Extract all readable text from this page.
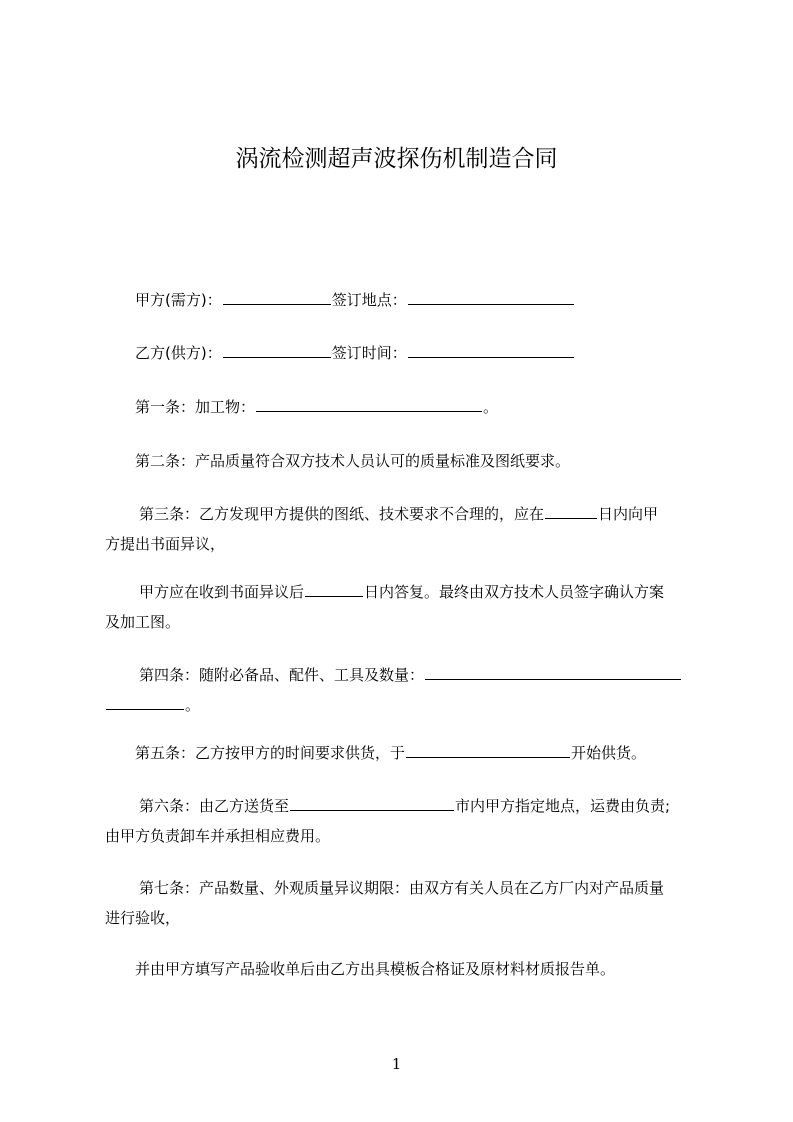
涡流检测超声波探伤机制造合同
甲方(需方)：	签订地点：
乙方(供方)：	签订时间：
第一条：加工物：	。
第二条：产品质量符合双方技术人员认可的质量标准及图纸要求。
第三条：乙方发现甲方提供的图纸、技术要求不合理的，应在	日内向甲
方提出书面异议，
甲方应在收到书面异议后	日内答复。最终由双方技术人员签字确认方案
及加工图。
第四条：随附必备品、配件、工具及数量：
。
第五条：乙方按甲方的时间要求供货，于	开始供货。
第六条：由乙方送货至	市内甲方指定地点，运费由负责;
由甲方负责卸车并承担相应费用。
第七条：产品数量、外观质量异议期限：由双方有关人员在乙方厂内对产品质量
进行验收，
并由甲方填写产品验收单后由乙方出具模板合格证及原材料材质报告单。
1
